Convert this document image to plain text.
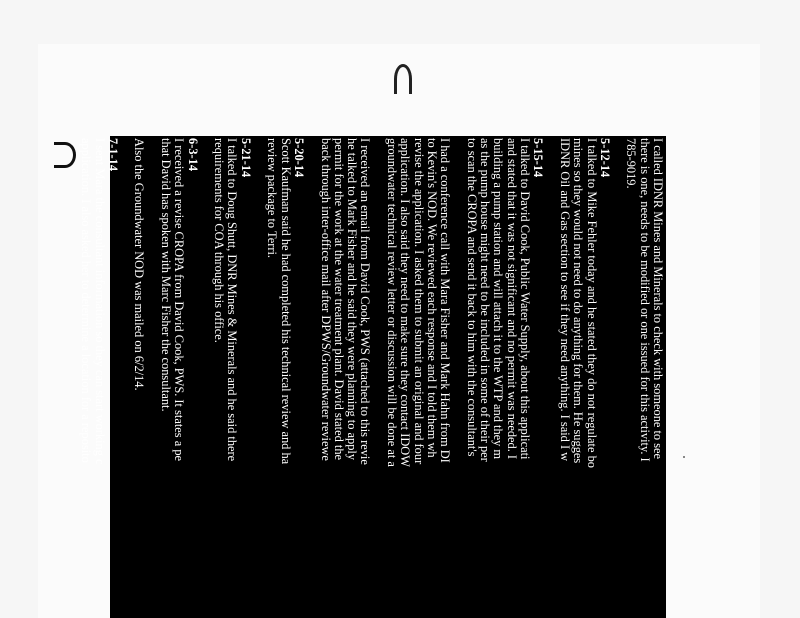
I called IDNR Mines and Minerals to check with someone to see
there is one, needs to be modified or one issued for this activity. I
785-9019.

5-12-14
I talked to Mike Fehler today and he stated they do not regulate bo
mines so they would not need to do anything for them. He sugges
IDNR Oil and Gas section to see if they need anything. I said I w

5-15-14
I talked to David Cook, Public Water Supply, about this applicati
and stated that it was not significant and no permit was needed. I
building a pump station and will attach it to the WTP and they m
as the pump house might need to be included in some of their per
to scan the CROPA and send it back to him with the consultant's

I had a conference call with Mara Fisher and Mark Hahn from DI
to Kevin's NOD. We reviewed each response and I told them wh
revise the application. I asked them to submit an original and four
application. I also said they need to make sure they contact IDOW
groundwater technical review letter or discussion will be done at a

I received an email from David Cook, PWS (attached to this revie
he talked to Mark Fisher and he said they were planning to apply
permit for the work at the water treatment plant. David stated the
back through inter-office mail after DPWS/Groundwater reviewe

5-20-14
Scott Kaufman said he had completed his technical review and ha
review package to Terri.

5-21-14
I talked to Doug Shutt, DNR Mines & Minerals and he said there
requirements for COA through his office.

6-3-14
I received a revise CROPA from David Cook, PWS. It states a pe
that David has spoken with Marc Fisher the consultant.

Also the Groundwater NOD was mailed on 6/2/14.

7-1-14
I sent Mara the consultant information so they can start working c
application. I also asked her to determine a location for a reposito
